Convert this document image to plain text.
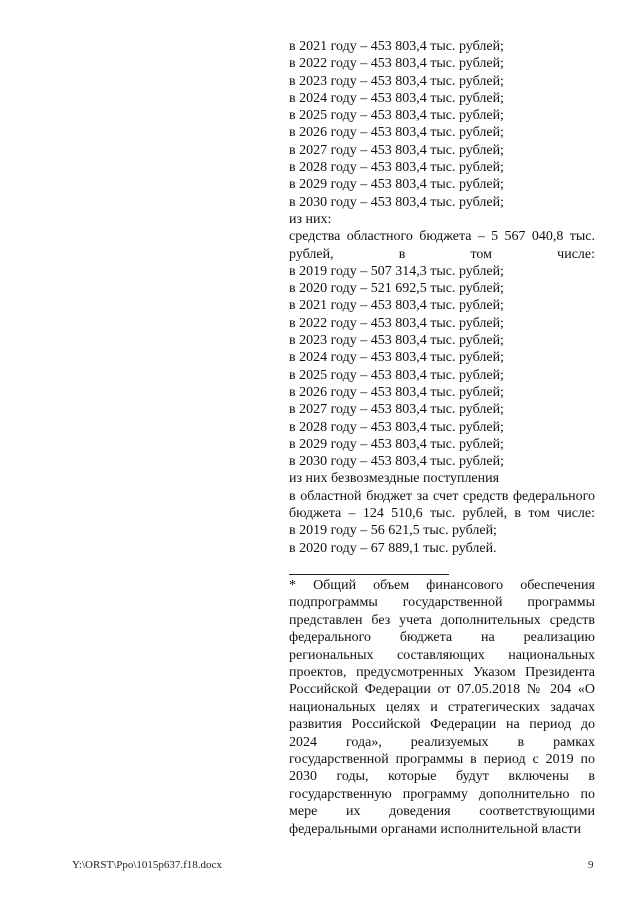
в 2021 году – 453 803,4 тыс. рублей;
в 2022 году – 453 803,4 тыс. рублей;
в 2023 году – 453 803,4 тыс. рублей;
в 2024 году – 453 803,4 тыс. рублей;
в 2025 году – 453 803,4 тыс. рублей;
в 2026 году – 453 803,4 тыс. рублей;
в 2027 году – 453 803,4 тыс. рублей;
в 2028 году – 453 803,4 тыс. рублей;
в 2029 году – 453 803,4 тыс. рублей;
в 2030 году – 453 803,4 тыс. рублей;
из них:
средства областного бюджета – 5 567 040,8 тыс. рублей, в том числе:
в 2019 году – 507 314,3 тыс. рублей;
в 2020 году – 521 692,5 тыс. рублей;
в 2021 году – 453 803,4 тыс. рублей;
в 2022 году – 453 803,4 тыс. рублей;
в 2023 году – 453 803,4 тыс. рублей;
в 2024 году – 453 803,4 тыс. рублей;
в 2025 году – 453 803,4 тыс. рублей;
в 2026 году – 453 803,4 тыс. рублей;
в 2027 году – 453 803,4 тыс. рублей;
в 2028 году – 453 803,4 тыс. рублей;
в 2029 году – 453 803,4 тыс. рублей;
в 2030 году – 453 803,4 тыс. рублей;
из них безвозмездные поступления
в областной бюджет за счет средств федерального бюджета – 124 510,6 тыс. рублей, в том числе:
в 2019 году – 56 621,5 тыс. рублей;
в 2020 году – 67 889,1 тыс. рублей.
* Общий объем финансового обеспечения подпрограммы государственной программы представлен без учета дополнительных средств федерального бюджета на реализацию региональных составляющих национальных проектов, предусмотренных Указом Президента Российской Федерации от 07.05.2018 № 204 «О национальных целях и стратегических задачах развития Российской Федерации на период до 2024 года», реализуемых в рамках государственной программы в период с 2019 по 2030 годы, которые будут включены в государственную программу дополнительно по мере их доведения соответствующими федеральными органами исполнительной власти
Y:\ORST\Ppo\1015p637.f18.docx	9
